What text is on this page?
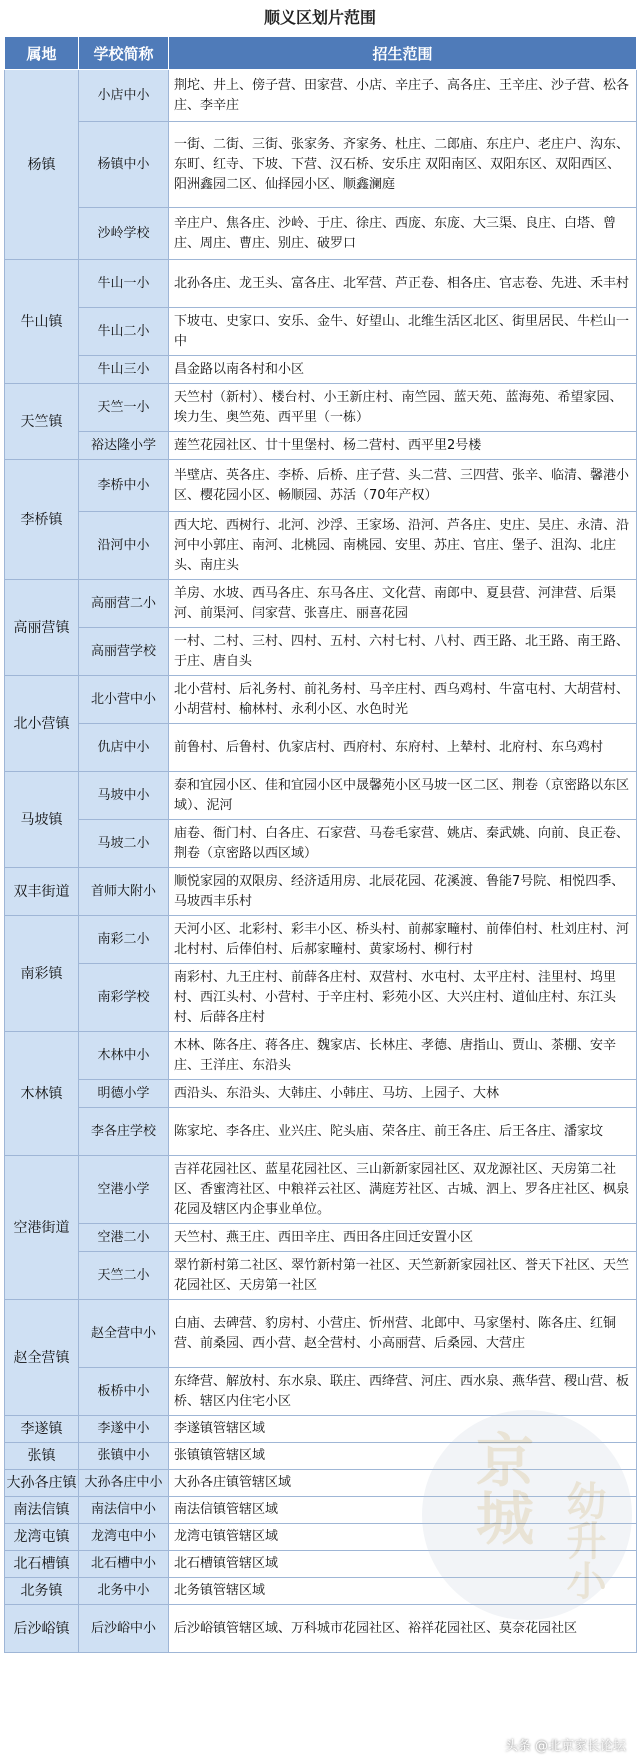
顺义区划片范围
属地	学校简称	招生范围
杨镇	小店中小	荆坨、井上、傍子营、田家营、小店、辛庄子、高各庄、王辛庄、沙子营、松各庄、李辛庄
	杨镇中小	一街、二街、三街、张家务、齐家务、杜庄、二郎庙、东庄户、老庄户、沟东、东町、红寺、下坡、下营、汉石桥、安乐庄 双阳南区、双阳东区、双阳西区、阳洲鑫园二区、仙择园小区、顺鑫澜庭
	沙岭学校	辛庄户、焦各庄、沙岭、于庄、徐庄、西庞、东庞、大三渠、良庄、白塔、曾庄、周庄、曹庄、别庄、破罗口
牛山镇	牛山一小	北孙各庄、龙王头、富各庄、北军营、芦正卷、相各庄、官志卷、先进、禾丰村
	牛山二小	下坡屯、史家口、安乐、金牛、好望山、北维生活区北区、街里居民、牛栏山一中
	牛山三小	昌金路以南各村和小区
天竺镇	天竺一小	天竺村（新村）、楼台村、小王新庄村、南竺园、蓝天苑、蓝海苑、希望家园、埃力生、奥竺苑、西平里（一栋）
	裕达隆小学	莲竺花园社区、廿十里堡村、杨二营村、西平里2号楼
李桥镇	李桥中小	半壁店、英各庄、李桥、后桥、庄子营、头二营、三四营、张辛、临清、馨港小区、樱花园小区、畅顺园、苏活（70年产权）
	沿河中小	西大坨、西树行、北河、沙浮、王家场、沿河、芦各庄、史庄、吴庄、永清、沿河中小郭庄、南河、北桃园、南桃园、安里、苏庄、官庄、堡子、沮沟、北庄头、南庄头
高丽营镇	高丽营二小	羊房、水坡、西马各庄、东马各庄、文化营、南郎中、夏县营、河津营、后渠河、前渠河、闫家营、张喜庄、丽喜花园
	高丽营学校	一村、二村、三村、四村、五村、六村七村、八村、西王路、北王路、南王路、于庄、唐自头
北小营镇	北小营中小	北小营村、后礼务村、前礼务村、马辛庄村、西乌鸡村、牛富屯村、大胡营村、小胡营村、榆林村、永利小区、水色时光
	仇店中小	前鲁村、后鲁村、仇家店村、西府村、东府村、上辇村、北府村、东乌鸡村
马坡镇	马坡中小	泰和宜园小区、佳和宜园小区中晟馨苑小区马坡一区二区、荆卷（京密路以东区域）、泥河
	马坡二小	庙卷、衙门村、白各庄、石家营、马卷毛家营、姚店、秦武姚、向前、良正卷、荆卷（京密路以西区域）
双丰街道	首师大附小	顺悦家园的双限房、经济适用房、北辰花园、花溪渡、鲁能7号院、相悦四季、马坡西丰乐村
南彩镇	南彩二小	天河小区、北彩村、彩丰小区、桥头村、前郝家疃村、前俸伯村、杜刘庄村、河北村村、后俸伯村、后郝家疃村、黄家场村、柳行村
	南彩学校	南彩村、九王庄村、前薛各庄村、双营村、水屯村、太平庄村、洼里村、坞里村、西江头村、小营村、于辛庄村、彩苑小区、大兴庄村、道仙庄村、东江头村、后薛各庄村
木林镇	木林中小	木林、陈各庄、蒋各庄、魏家店、长林庄、孝德、唐指山、贾山、茶棚、安辛庄、王洋庄、东沿头
	明德小学	西沿头、东沿头、大韩庄、小韩庄、马坊、上园子、大林
	李各庄学校	陈家坨、李各庄、业兴庄、陀头庙、荣各庄、前王各庄、后王各庄、潘家坟
空港街道	空港小学	吉祥花园社区、蓝星花园社区、三山新新家园社区、双龙源社区、天房第二社区、香蜜湾社区、中粮祥云社区、满庭芳社区、古城、泗上、罗各庄社区、枫泉花园及辖区内企事业单位。
	空港二小	天竺村、燕王庄、西田辛庄、西田各庄回迁安置小区
	天竺二小	翠竹新村第二社区、翠竹新村第一社区、天竺新新家园社区、誉天下社区、天竺花园社区、天房第一社区
赵全营镇	赵全营中小	白庙、去碑营、豹房村、小营庄、忻州营、北郎中、马家堡村、陈各庄、红铜营、前桑园、西小营、赵全营村、小高丽营、后桑园、大营庄
	板桥中小	东绛营、解放村、东水泉、联庄、西绛营、河庄、西水泉、燕华营、稷山营、板桥、辖区内住宅小区
李遂镇	李遂中小	李遂镇管辖区域
张镇	张镇中小	张镇镇管辖区域
大孙各庄镇	大孙各庄中小	大孙各庄镇管辖区域
南法信镇	南法信中小	南法信镇管辖区域
龙湾屯镇	龙湾屯中小	龙湾屯镇管辖区域
北石槽镇	北石槽中小	北石槽镇管辖区域
北务镇	北务中小	北务镇管辖区域
后沙峪镇	后沙峪中小	后沙峪镇管辖区域、万科城市花园社区、裕祥花园社区、莫奈花园社区
头条 @北京家长论坛
